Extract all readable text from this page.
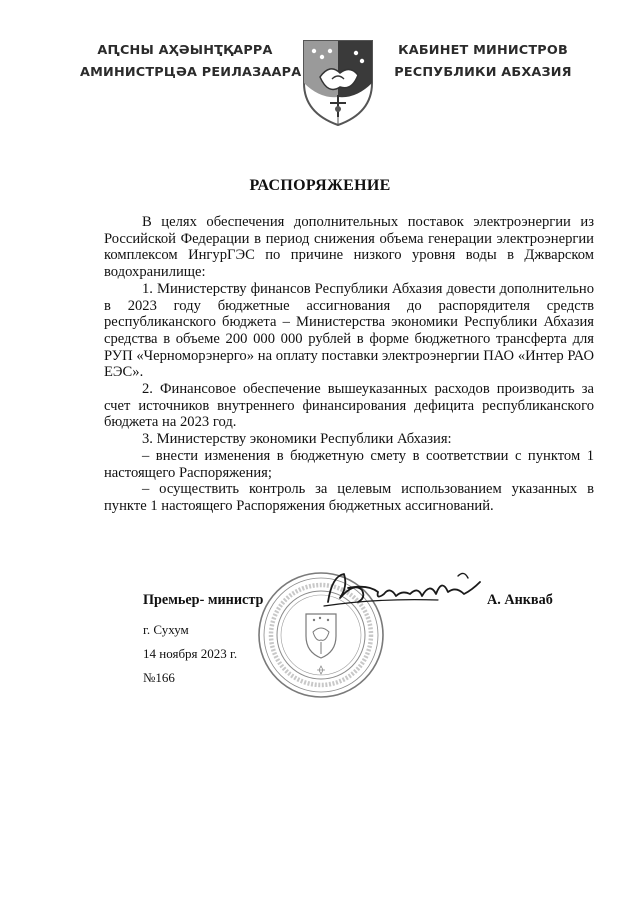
АԤСНЫ АҲӘЫНҬҚАРРА
АМИНИСТРЦӘА РЕИЛАЗААРА
КАБИНЕТ МИНИСТРОВ
РЕСПУБЛИКИ АБХАЗИЯ
РАСПОРЯЖЕНИЕ

В целях обеспечения дополнительных поставок электроэнергии из Российской Федерации в период снижения объема генерации электроэнергии комплексом ИнгурГЭС по причине низкого уровня воды в Джварском водохранилище:

1. Министерству финансов Республики Абхазия довести дополнительно в 2023 году бюджетные ассигнования до распорядителя средств республиканского бюджета – Министерства экономики Республики Абхазия средства в объеме 200 000 000 рублей в форме бюджетного трансферта для РУП «Черноморэнерго» на оплату поставки электроэнергии ПАО «Интер РАО ЕЭС».

2. Финансовое обеспечение вышеуказанных расходов производить за счет источников внутреннего финансирования дефицита республиканского бюджета на 2023 год.

3. Министерству экономики Республики Абхазия:

– внести изменения в бюджетную смету в соответствии с пунктом 1 настоящего Распоряжения;

– осуществить контроль за целевым использованием указанных в пункте 1 настоящего Распоряжения бюджетных ассигнований.

Премьер- министр	А. Анкваб
г. Сухум
14 ноября 2023 г.
№166
